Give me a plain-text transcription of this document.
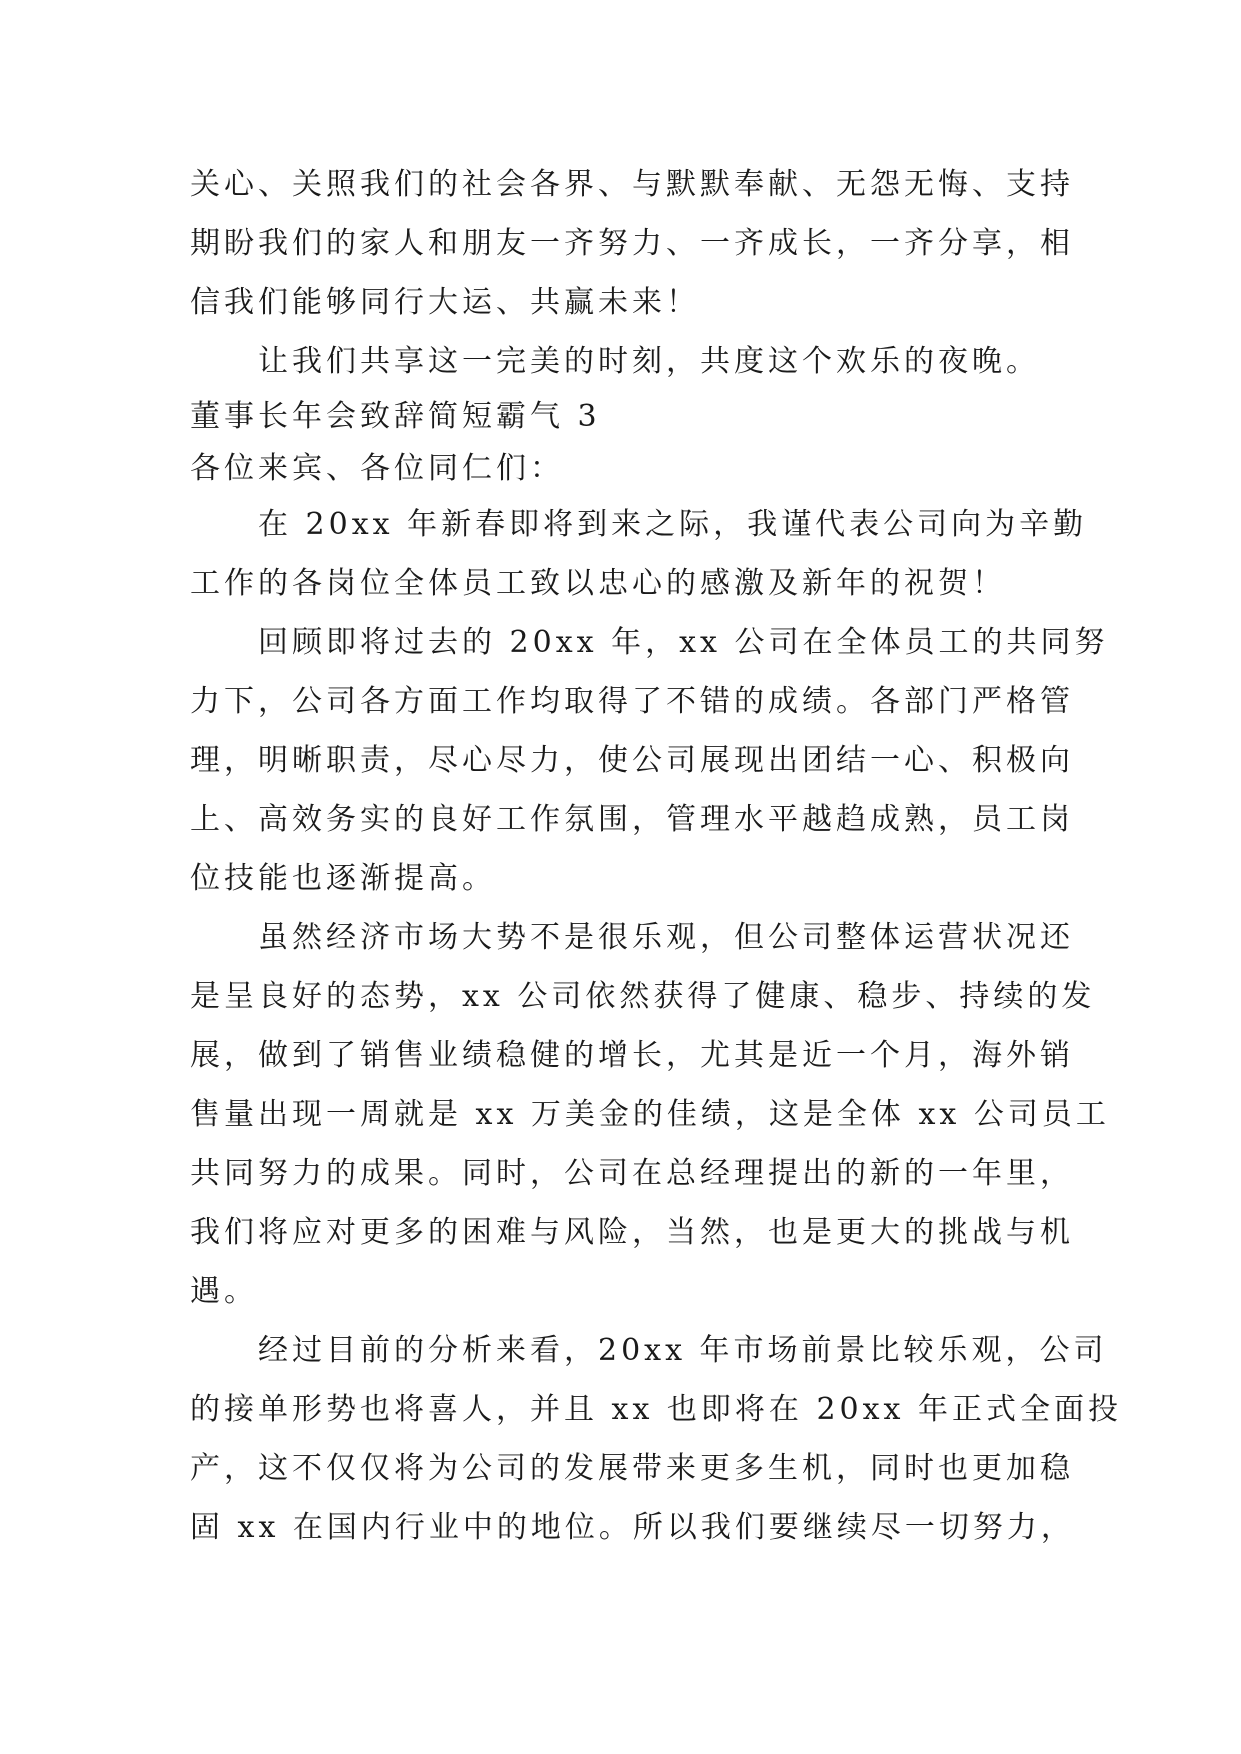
关心、关照我们的社会各界、与默默奉献、无怨无悔、支持
期盼我们的家人和朋友一齐努力、一齐成长，一齐分享，相
信我们能够同行大运、共赢未来！
让我们共享这一完美的时刻，共度这个欢乐的夜晚。
董事长年会致辞简短霸气 3
各位来宾、各位同仁们：
在 20xx 年新春即将到来之际，我谨代表公司向为辛勤
工作的各岗位全体员工致以忠心的感激及新年的祝贺！
回顾即将过去的 20xx 年，xx 公司在全体员工的共同努
力下，公司各方面工作均取得了不错的成绩。各部门严格管
理，明晰职责，尽心尽力，使公司展现出团结一心、积极向
上、高效务实的良好工作氛围，管理水平越趋成熟，员工岗
位技能也逐渐提高。
虽然经济市场大势不是很乐观，但公司整体运营状况还
是呈良好的态势，xx 公司依然获得了健康、稳步、持续的发
展，做到了销售业绩稳健的增长，尤其是近一个月，海外销
售量出现一周就是 xx 万美金的佳绩，这是全体 xx 公司员工
共同努力的成果。同时，公司在总经理提出的新的一年里，
我们将应对更多的困难与风险，当然，也是更大的挑战与机
遇。
经过目前的分析来看，20xx 年市场前景比较乐观，公司
的接单形势也将喜人，并且 xx 也即将在 20xx 年正式全面投
产，这不仅仅将为公司的发展带来更多生机，同时也更加稳
固 xx 在国内行业中的地位。所以我们要继续尽一切努力，
